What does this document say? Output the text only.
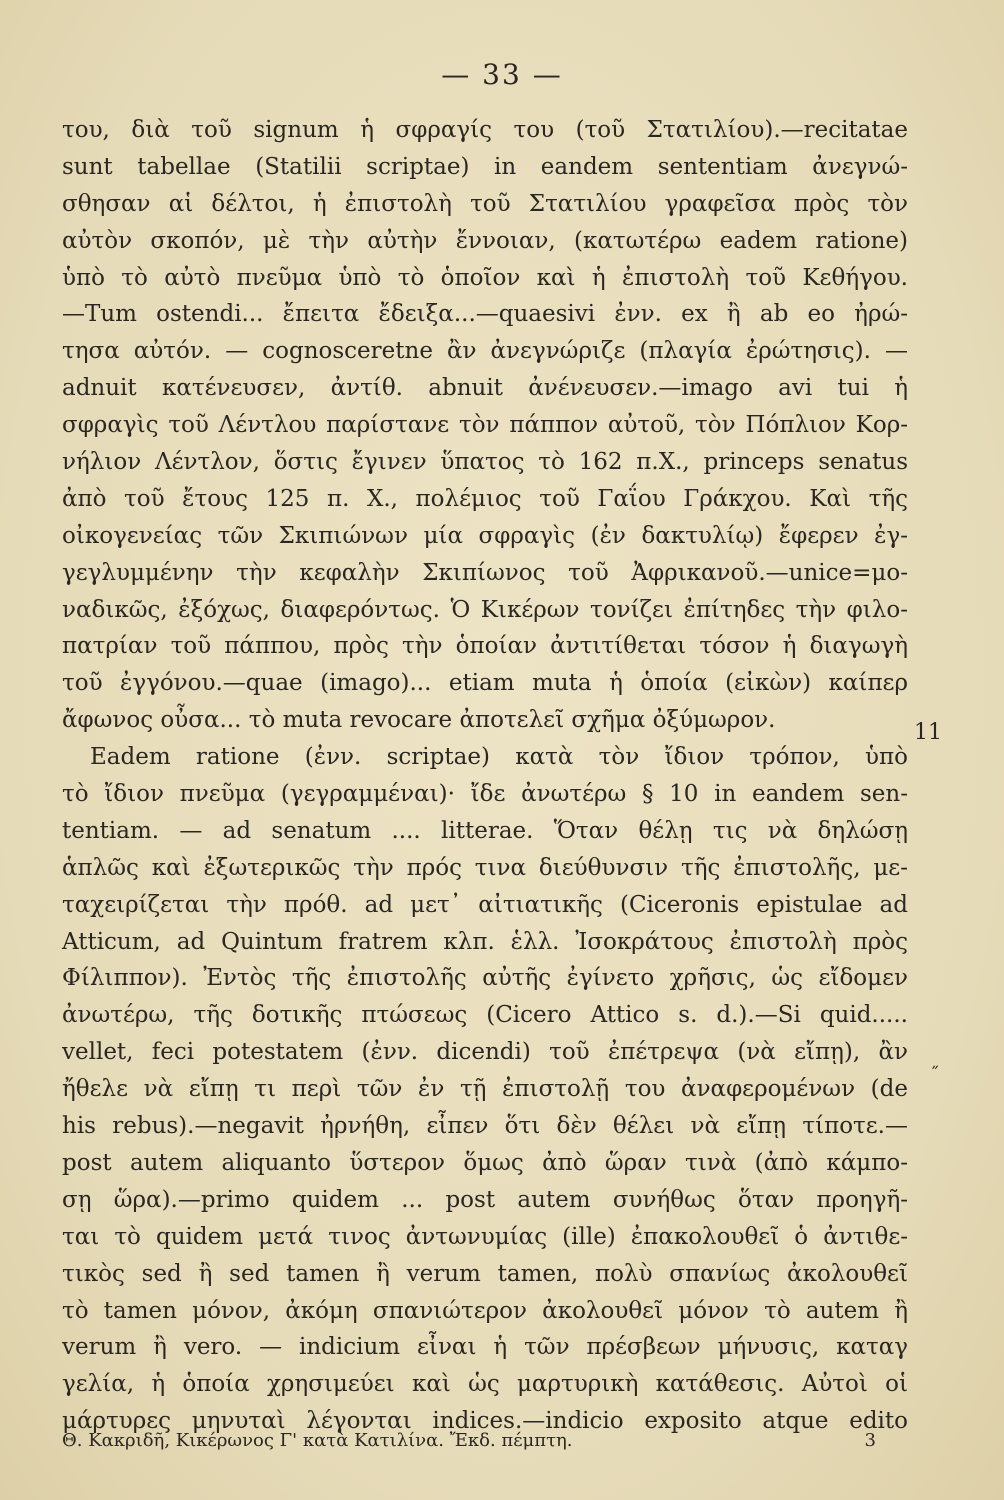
— 33 —
του, διὰ τοῦ signum ἡ σφραγίς του (τοῦ Στατιλίου).—recitatae
sunt tabellae (Statilii scriptae) in eandem sententiam ἀνεγνώ-
σθησαν αἱ δέλτοι, ἡ ἐπιστολὴ τοῦ Στατιλίου γραφεῖσα πρὸς τὸν
αὐτὸν σκοπόν, μὲ τὴν αὐτὴν ἔννοιαν, (κατωτέρω eadem ratione)
ὑπὸ τὸ αὐτὸ πνεῦμα ὑπὸ τὸ ὁποῖον καὶ ἡ ἐπιστολὴ τοῦ Κεθήγου.
—Tum ostendi... ἔπειτα ἔδειξα...—quaesivi ἐνν. ex ἢ ab eo ἠρώ-
τησα αὐτόν. — cognosceretne ἂν ἀνεγνώριζε (πλαγία ἐρώτησις). —
adnuit κατένευσεν, ἀντίθ. abnuit ἀνένευσεν.—imago avi tui ἡ
σφραγὶς τοῦ Λέντλου παρίστανε τὸν πάππον αὐτοῦ, τὸν Πόπλιον Κορ-
νήλιον Λέντλον, ὅστις ἔγινεν ὕπατος τὸ 162 π.Χ., princeps senatus
ἀπὸ τοῦ ἔτους 125 π. Χ., πολέμιος τοῦ Γαΐου Γράκχου. Καὶ τῆς
οἰκογενείας τῶν Σκιπιώνων μία σφραγὶς (ἐν δακτυλίῳ) ἔφερεν ἐγ-
γεγλυμμένην τὴν κεφαλὴν Σκιπίωνος τοῦ Ἀφρικανοῦ.—unice=μο-
ναδικῶς, ἐξόχως, διαφερόντως. Ὁ Κικέρων τονίζει ἐπίτηδες τὴν φιλο-
πατρίαν τοῦ πάππου, πρὸς τὴν ὁποίαν ἀντιτίθεται τόσον ἡ διαγωγὴ
τοῦ ἐγγόνου.—quae (imago)... etiam muta ἡ ὁποία (εἰκὼν) καίπερ
ἄφωνος οὖσα... τὸ muta revocare ἀποτελεῖ σχῆμα ὀξύμωρον.
Eadem ratione (ἐνν. scriptae) κατὰ τὸν ἴδιον τρόπον, ὑπὸ
τὸ ἴδιον πνεῦμα (γεγραμμέναι)· ἴδε ἀνωτέρω § 10 in eandem sen-
tentiam. — ad senatum .... litterae. Ὅταν θέλῃ τις νὰ δηλώσῃ
ἁπλῶς καὶ ἐξωτερικῶς τὴν πρός τινα διεύθυνσιν τῆς ἐπιστολῆς, με-
ταχειρίζεται τὴν πρόθ. ad μετ᾽ αἰτιατικῆς (Ciceronis epistulae ad
Atticum, ad Quintum fratrem κλπ. ἑλλ. Ἰσοκράτους ἐπιστολὴ πρὸς
Φίλιππον). Ἐντὸς τῆς ἐπιστολῆς αὐτῆς ἐγίνετο χρῆσις, ὡς εἴδομεν
ἀνωτέρω, τῆς δοτικῆς πτώσεως (Cicero Attico s. d.).—Si quid.....
vellet, feci potestatem (ἐνν. dicendi) τοῦ ἐπέτρεψα (νὰ εἴπῃ), ἂν
ἤθελε νὰ εἴπῃ τι περὶ τῶν ἐν τῇ ἐπιστολῇ του ἀναφερομένων (de
his rebus).—negavit ἠρνήθη, εἶπεν ὅτι δὲν θέλει νὰ εἴπῃ τίποτε.—
post autem aliquanto ὕστερον ὅμως ἀπὸ ὥραν τινὰ (ἀπὸ κάμπο-
σῃ ὥρα).—primo quidem ... post autem συνήθως ὅταν προηγῆ-
ται τὸ quidem μετά τινος ἀντωνυμίας (ille) ἐπακολουθεῖ ὁ ἀντιθε-
τικὸς sed ἢ sed tamen ἢ verum tamen, πολὺ σπανίως ἀκολουθεῖ
τὸ tamen μόνον, ἀκόμη σπανιώτερον ἀκολουθεῖ μόνον τὸ autem ἢ
verum ἢ vero. — indicium εἶναι ἡ τῶν πρέσβεων μήνυσις, καταγ
γελία, ἡ ὁποία χρησιμεύει καὶ ὡς μαρτυρικὴ κατάθεσις. Αὐτοὶ οἱ
μάρτυρες μηνυταὶ λέγονται indices.—indicio exposito atque edito
11
˝
Θ. Κακριδῆ, Κικέρωνος Γ' κατὰ Κατιλίνα. Ἔκδ. πέμπτη.	3
